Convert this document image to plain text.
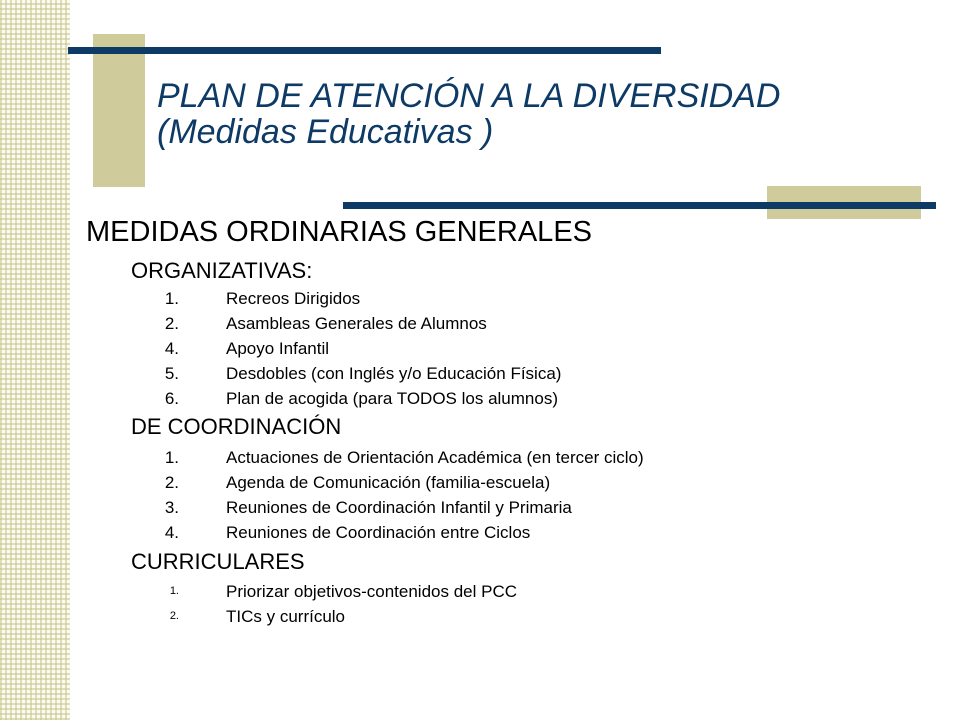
PLAN DE ATENCIÓN A LA DIVERSIDAD
(Medidas Educativas )
MEDIDAS ORDINARIAS GENERALES
ORGANIZATIVAS:
1.	Recreos Dirigidos
2.	Asambleas Generales de Alumnos
4.	Apoyo Infantil
5.	Desdobles (con Inglés y/o Educación Física)
6.	Plan de acogida (para TODOS los alumnos)
DE COORDINACIÓN
1.	Actuaciones de Orientación Académica (en tercer ciclo)
2.	Agenda de Comunicación (familia-escuela)
3.	Reuniones de Coordinación Infantil y Primaria
4.	Reuniones de Coordinación entre Ciclos
CURRICULARES
1.	Priorizar objetivos-contenidos del PCC
2.	TICs y currículo
